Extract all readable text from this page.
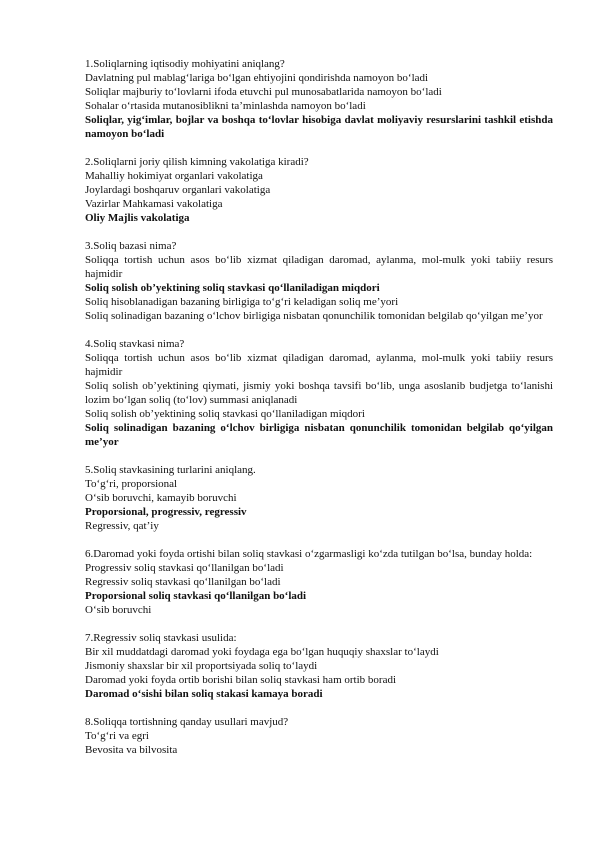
1.Soliqlarning iqtisodiy mohiyatini aniqlang?

Davlatning pul mablag‘lariga bo‘lgan ehtiyojini qondirishda namoyon bo‘ladi

Soliqlar majburiy to‘lovlarni ifoda etuvchi pul munosabatlarida namoyon bo‘ladi

Sohalar o‘rtasida mutanosiblikni ta’minlashda namoyon bo‘ladi

Soliqlar, yig‘imlar, bojlar va boshqa to‘lovlar hisobiga davlat moliyaviy resurslarini tashkil etishda namoyon bo‘ladi

2.Soliqlarni joriy qilish kimning vakolatiga kiradi?

Mahalliy hokimiyat organlari vakolatiga

Joylardagi boshqaruv organlari vakolatiga

Vazirlar Mahkamasi vakolatiga

Oliy Majlis vakolatiga

3.Soliq bazasi nima?

Soliqqa tortish uchun asos bo‘lib xizmat qiladigan daromad, aylanma, mol-mulk yoki tabiiy resurs hajmidir

Soliq solish ob’yektining soliq stavkasi qo‘llaniladigan miqdori

Soliq hisoblanadigan bazaning birligiga to‘g‘ri keladigan soliq me’yori

Soliq solinadigan bazaning o‘lchov birligiga nisbatan qonunchilik tomonidan belgilab qo‘yilgan me’yor

4.Soliq stavkasi nima?

Soliqqa tortish uchun asos bo‘lib xizmat qiladigan daromad, aylanma, mol-mulk yoki tabiiy resurs hajmidir

Soliq solish ob’yektining qiymati, jismiy yoki boshqa tavsifi bo‘lib, unga asoslanib budjetga to‘lanishi lozim bo‘lgan soliq (to‘lov) summasi aniqlanadi

Soliq solish ob’yektining soliq stavkasi qo‘llaniladigan miqdori

Soliq solinadigan bazaning o‘lchov birligiga nisbatan qonunchilik tomonidan belgilab qo‘yilgan me’yor

5.Soliq stavkasining turlarini aniqlang.

To‘g‘ri, proporsional

O‘sib boruvchi, kamayib boruvchi

Proporsional, progressiv, regressiv

Regressiv, qat’iy

6.Daromad yoki foyda ortishi bilan soliq stavkasi o‘zgarmasligi ko‘zda tutilgan bo‘lsa, bunday holda:

Progressiv soliq stavkasi qo‘llanilgan bo‘ladi

Regressiv soliq stavkasi qo‘llanilgan bo‘ladi

Proporsional soliq stavkasi qo‘llanilgan bo‘ladi

O‘sib boruvchi

7.Regressiv soliq stavkasi usulida:

Bir xil muddatdagi daromad yoki foydaga ega bo‘lgan huquqiy shaxslar to‘laydi

Jismoniy shaxslar bir xil proportsiyada soliq to‘laydi

Daromad yoki foyda ortib borishi bilan soliq stavkasi ham ortib boradi

Daromad o‘sishi bilan soliq stakasi kamaya boradi

8.Soliqqa tortishning qanday usullari mavjud?

To‘g‘ri va egri

Bevosita va bilvosita
